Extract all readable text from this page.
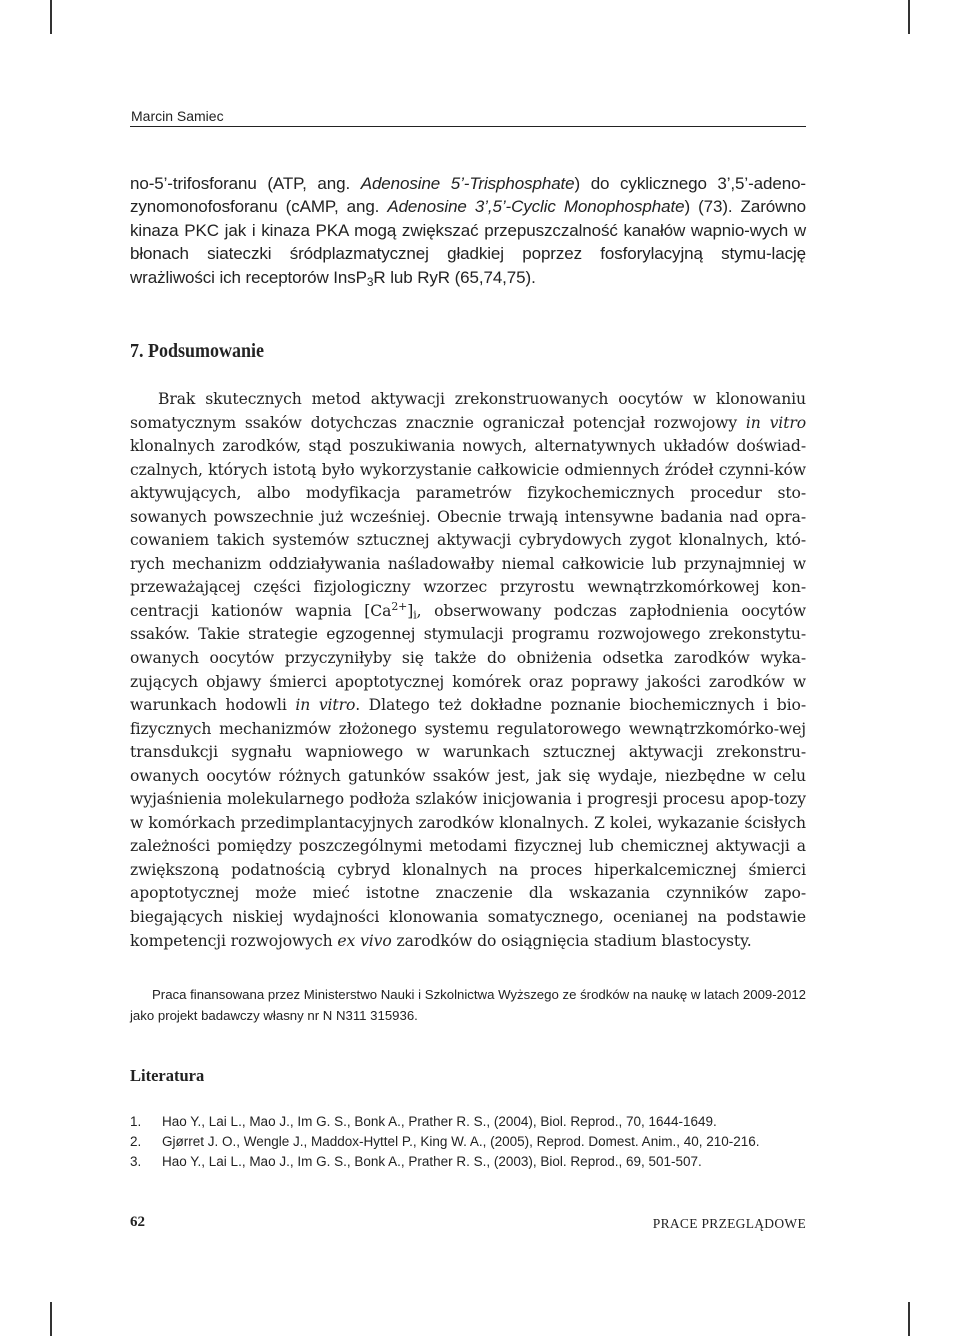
Marcin Samiec

no-5’-trifosforanu (ATP, ang. Adenosine 5’-Trisphosphate) do cyklicznego 3’,5’-adeno-zynomonofosforanu (cAMP, ang. Adenosine 3’,5’-Cyclic Monophosphate) (73). Zarówno kinaza PKC jak i kinaza PKA mogą zwiększać przepuszczalność kanałów wapnio-wych w błonach siateczki śródplazmatycznej gładkiej poprzez fosforylacyjną stymu-lację wrażliwości ich receptorów InsP$_3$R lub RyR (65,74,75).

7. Podsumowanie

Brak skutecznych metod aktywacji zrekonstruowanych oocytów w klonowaniu somatycznym ssaków dotychczas znacznie ograniczał potencjał rozwojowy in vitro klonalnych zarodków, stąd poszukiwania nowych, alternatywnych układów doświad-czalnych, których istotą było wykorzystanie całkowicie odmiennych źródeł czynni-ków aktywujących, albo modyfikacja parametrów fizykochemicznych procedur sto-sowanych powszechnie już wcześniej. Obecnie trwają intensywne badania nad opra-cowaniem takich systemów sztucznej aktywacji cybrydowych zygot klonalnych, któ-rych mechanizm oddziaływania naśladowałby niemal całkowicie lub przynajmniej w przeważającej części fizjologiczny wzorzec przyrostu wewnątrzkomórkowej kon-centracji kationów wapnia $[Ca^{2+}]_i$, obserwowany podczas zapłodnienia oocytów ssaków. Takie strategie egzogennej stymulacji programu rozwojowego zrekonstytu-owanych oocytów przyczyniłyby się także do obniżenia odsetka zarodków wyka-zujących objawy śmierci apoptotycznej komórek oraz poprawy jakości zarodków w warunkach hodowli in vitro. Dlatego też dokładne poznanie biochemicznych i bio-fizycznych mechanizmów złożonego systemu regulatorowego wewnątrzkomórko-wej transdukcji sygnału wapniowego w warunkach sztucznej aktywacji zrekonstru-owanych oocytów różnych gatunków ssaków jest, jak się wydaje, niezbędne w celu wyjaśnienia molekularnego podłoża szlaków inicjowania i progresji procesu apop-tozy w komórkach przedimplantacyjnych zarodków klonalnych. Z kolei, wykazanie ścisłych zależności pomiędzy poszczególnymi metodami fizycznej lub chemicznej aktywacji a zwiększoną podatnością cybryd klonalnych na proces hiperkalcemicznej śmierci apoptotycznej może mieć istotne znaczenie dla wskazania czynników zapo-biegających niskiej wydajności klonowania somatycznego, ocenianej na podstawie kompetencji rozwojowych ex vivo zarodków do osiągnięcia stadium blastocysty.

Praca finansowana przez Ministerstwo Nauki i Szkolnictwa Wyższego ze środków na naukę w latach 2009-2012 jako projekt badawczy własny nr N N311 315936.

Literatura
1.	Hao Y., Lai L., Mao J., Im G. S., Bonk A., Prather R. S., (2004), Biol. Reprod., 70, 1644-1649.
2.	Gjørret J. O., Wengle J., Maddox-Hyttel P., King W. A., (2005), Reprod. Domest. Anim., 40, 210-216.
3.	Hao Y., Lai L., Mao J., Im G. S., Bonk A., Prather R. S., (2003), Biol. Reprod., 69, 501-507.
62	PRACE PRZEGLĄDOWE
